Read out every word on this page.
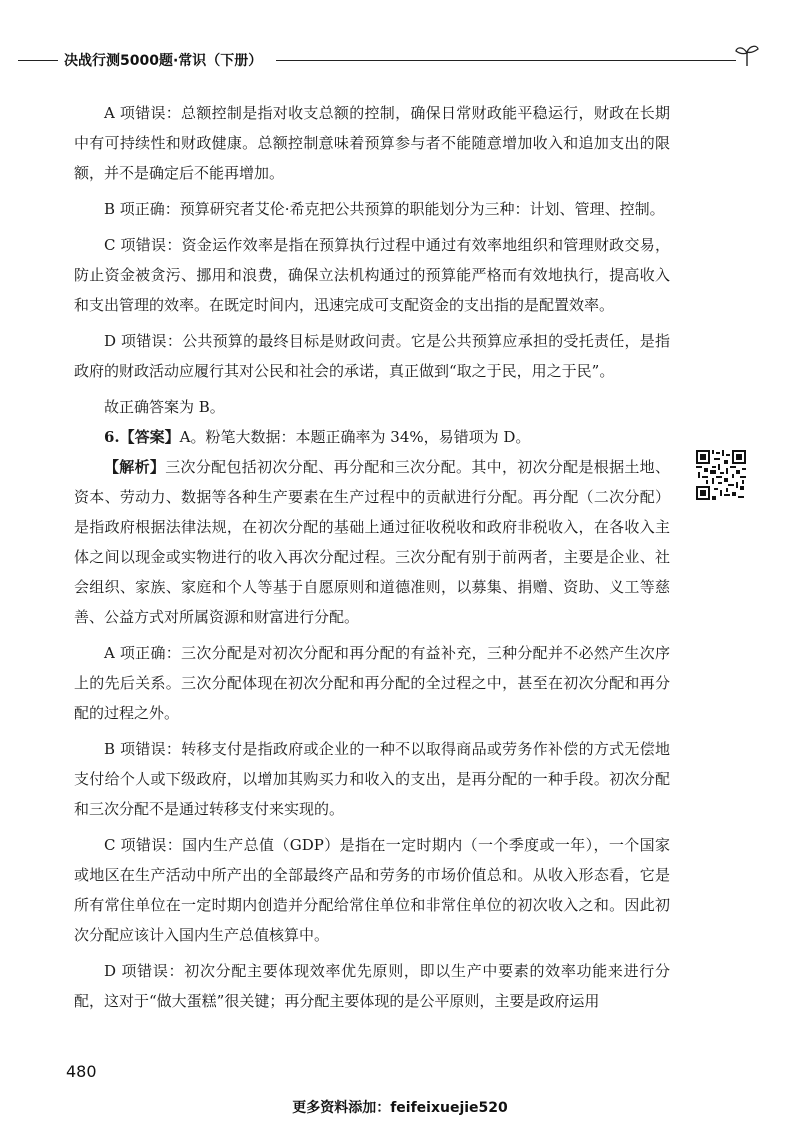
决战行测5000题·常识（下册）

A 项错误：总额控制是指对收支总额的控制，确保日常财政能平稳运行，财政在长期中有可持续性和财政健康。总额控制意味着预算参与者不能随意增加收入和追加支出的限额，并不是确定后不能再增加。

B 项正确：预算研究者艾伦·希克把公共预算的职能划分为三种：计划、管理、控制。

C 项错误：资金运作效率是指在预算执行过程中通过有效率地组织和管理财政交易，防止资金被贪污、挪用和浪费，确保立法机构通过的预算能严格而有效地执行，提高收入和支出管理的效率。在既定时间内，迅速完成可支配资金的支出指的是配置效率。

D 项错误：公共预算的最终目标是财政问责。它是公共预算应承担的受托责任，是指政府的财政活动应履行其对公民和社会的承诺，真正做到“取之于民，用之于民”。

故正确答案为 B。

6.【答案】A。粉笔大数据：本题正确率为 34%，易错项为 D。

【解析】三次分配包括初次分配、再分配和三次分配。其中，初次分配是根据土地、资本、劳动力、数据等各种生产要素在生产过程中的贡献进行分配。再分配（二次分配）是指政府根据法律法规，在初次分配的基础上通过征收税收和政府非税收入，在各收入主体之间以现金或实物进行的收入再次分配过程。三次分配有别于前两者，主要是企业、社会组织、家族、家庭和个人等基于自愿原则和道德准则，以募集、捐赠、资助、义工等慈善、公益方式对所属资源和财富进行分配。

A 项正确：三次分配是对初次分配和再分配的有益补充，三种分配并不必然产生次序上的先后关系。三次分配体现在初次分配和再分配的全过程之中，甚至在初次分配和再分配的过程之外。

B 项错误：转移支付是指政府或企业的一种不以取得商品或劳务作补偿的方式无偿地支付给个人或下级政府，以增加其购买力和收入的支出，是再分配的一种手段。初次分配和三次分配不是通过转移支付来实现的。

C 项错误：国内生产总值（GDP）是指在一定时期内（一个季度或一年），一个国家或地区在生产活动中所产出的全部最终产品和劳务的市场价值总和。从收入形态看，它是所有常住单位在一定时期内创造并分配给常住单位和非常住单位的初次收入之和。因此初次分配应该计入国内生产总值核算中。

D 项错误：初次分配主要体现效率优先原则，即以生产中要素的效率功能来进行分配，这对于“做大蛋糕”很关键；再分配主要体现的是公平原则，主要是政府运用

480
更多资料添加：feifeixuejie520
